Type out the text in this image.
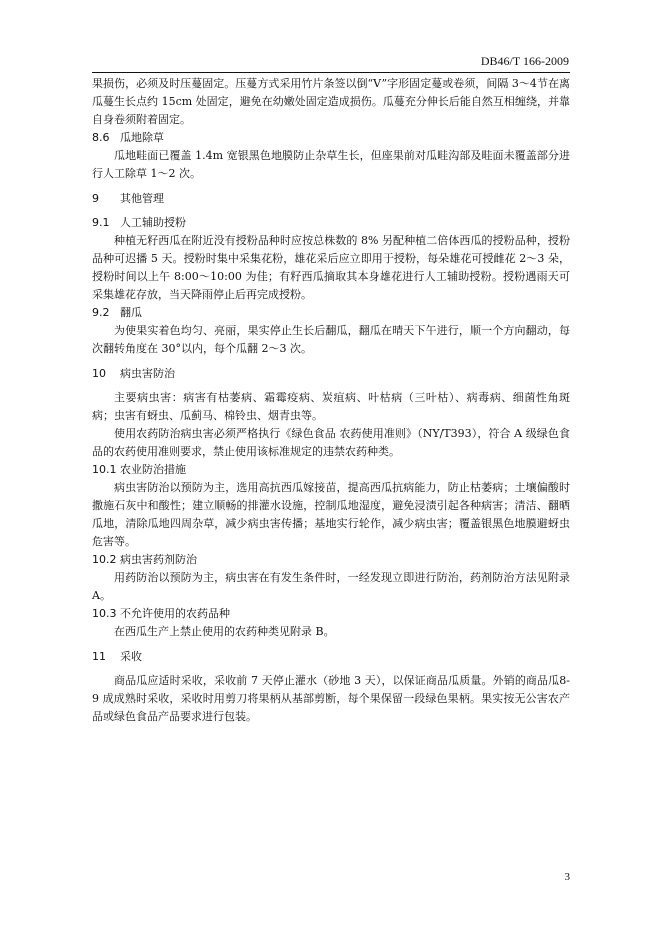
DB46/T 166-2009

果损伤，必须及时压蔓固定。压蔓方式采用竹片条签以倒“V”字形固定蔓或卷须，间隔 3～4节在离瓜蔓生长点约 15cm 处固定，避免在幼嫩处固定造成损伤。瓜蔓充分伸长后能自然互相缠绕，并靠自身卷须附着固定。

8.6 瓜地除草

瓜地畦面已覆盖 1.4m 宽银黑色地膜防止杂草生长，但座果前对瓜畦沟部及畦面未覆盖部分进行人工除草 1～2 次。

9 其他管理

9.1 人工辅助授粉

种植无籽西瓜在附近没有授粉品种时应按总株数的 8% 另配种植二倍体西瓜的授粉品种，授粉品种可迟播 5 天。授粉时集中采集花粉，雄花采后应立即用于授粉，每朵雄花可授雌花 2～3 朵，授粉时间以上午 8:00～10:00 为佳；有籽西瓜摘取其本身雄花进行人工辅助授粉。授粉遇雨天可采集雄花存放，当天降雨停止后再完成授粉。

9.2 翻瓜

为使果实着色均匀、亮丽，果实停止生长后翻瓜，翻瓜在晴天下午进行，顺一个方向翻动，每次翻转角度在 30°以内，每个瓜翻 2～3 次。

10 病虫害防治

主要病虫害：病害有枯萎病、霜霉疫病、炭疽病、叶枯病（三叶枯）、病毒病、细菌性角斑病；虫害有蚜虫、瓜蓟马、棉铃虫、烟青虫等。

使用农药防治病虫害必须严格执行《绿色食品 农药使用准则》（NY/T393），符合 A 级绿色食品的农药使用准则要求，禁止使用该标准规定的违禁农药种类。

10.1 农业防治措施

病虫害防治以预防为主，选用高抗西瓜嫁接苗，提高西瓜抗病能力，防止枯萎病；土壤偏酸时撒施石灰中和酸性；建立顺畅的排灌水设施，控制瓜地湿度，避免浸渍引起各种病害；清洁、翻晒瓜地，清除瓜地四周杂草，减少病虫害传播；基地实行轮作，减少病虫害；覆盖银黑色地膜避蚜虫危害等。

10.2 病虫害药剂防治

用药防治以预防为主，病虫害在有发生条件时，一经发现立即进行防治，药剂防治方法见附录 A。

10.3 不允许使用的农药品种

在西瓜生产上禁止使用的农药种类见附录 B。

11 采收

商品瓜应适时采收，采收前 7 天停止灌水（砂地 3 天），以保证商品瓜质量。外销的商品瓜8-9 成成熟时采收，采收时用剪刀将果柄从基部剪断，每个果保留一段绿色果柄。果实按无公害农产品或绿色食品产品要求进行包装。

3
